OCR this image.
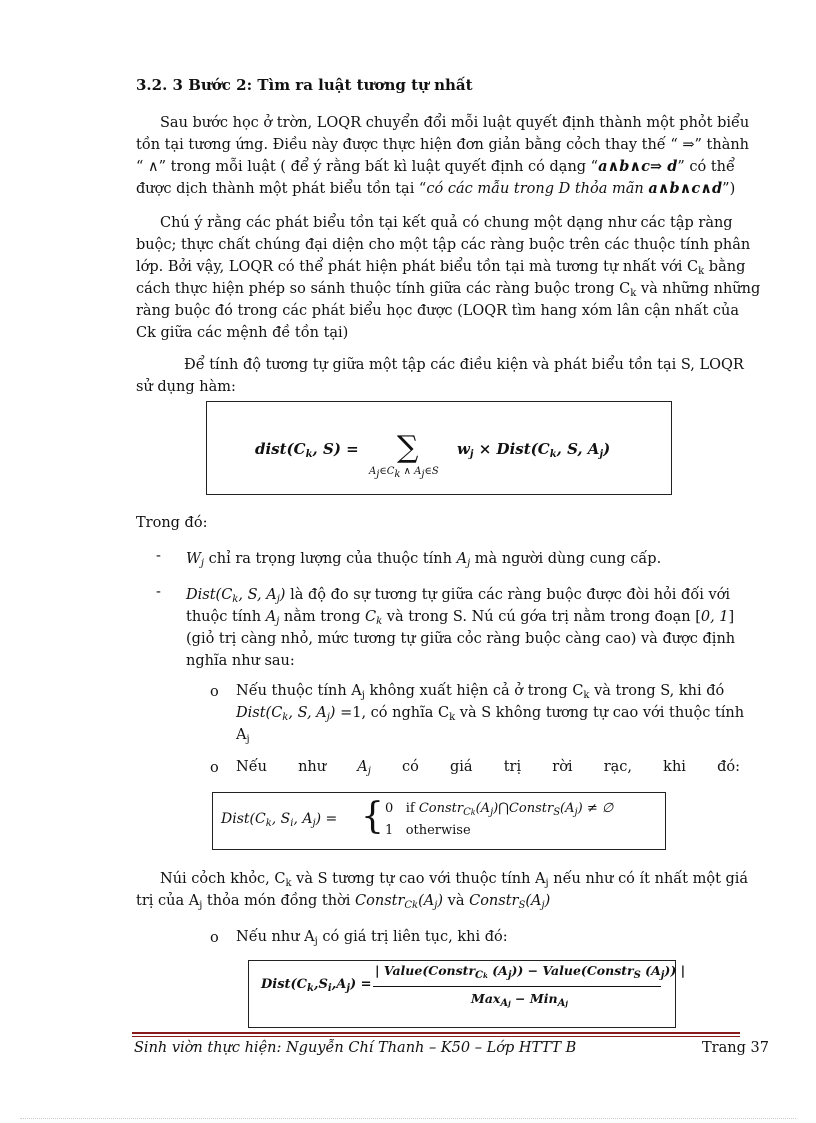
3.2. 3 Bước 2: Tìm ra luật tương tự nhất
Sau bước học ở trờn, LOQR chuyển đổi mỗi luật quyết định thành một phỏt biểu
tồn tại tương ứng. Điều này được thực hiện đơn giản bằng cỏch thay thế “ ⇒” thành
“ ∧” trong mỗi luật ( để ý rằng bất kì luật quyết định có dạng “a∧b∧c⇒ d” có thể
được dịch thành một phát biểu tồn tại “có các mẫu trong D thỏa mãn a∧b∧c∧d”)
Chú ý rằng các phát biểu tồn tại kết quả có chung một dạng như các tập ràng
buộc; thực chất chúng đại diện cho một tập các ràng buộc trên các thuộc tính phân
lớp. Bởi vậy, LOQR có thể phát hiện phát biểu tồn tại mà tương tự nhất với $C_k$ bằng
cách thực hiện phép so sánh thuộc tính giữa các ràng buộc trong $C_k$ và những những
ràng buộc đó trong các phát biểu học được (LOQR tìm hang xóm lân cận nhất của
Ck giữa các mệnh đề tồn tại)
Để tính độ tương tự giữa một tập các điều kiện và phát biểu tồn tại S, LOQR
sử dụng hàm:
$dist(C_k$, S) = ∑
$A_j\in C_k$ ∧ $A_j\in S$
$w_j$ × $Dist(C_k$, S, $A_j$)
Trong đó:
- $W_j$ chỉ ra trọng lượng của thuộc tính $A_j$ mà người dùng cung cấp.
- $Dist(C_k$, S, $A_j$) là độ đo sự tương tự giữa các ràng buộc được đòi hỏi đối với
thuộc tính $A_j$ nằm trong $C_k$ và trong S. Nú cú gớa trị nằm trong đoạn [0, 1]
(giỏ trị càng nhỏ, mức tương tự giữa cỏc ràng buộc càng cao) và được định
nghĩa như sau:
o Nếu thuộc tính $A_j$ không xuất hiện cả ở trong $C_k$ và trong S, khi đó
$Dist(C_k$, S, $A_j) =1$, có nghĩa $C_k$ và S không tương tự cao với thuộc tính
$A_j$
o Nếu như $A_j$ có giá trị rời rạc, khi đó:
$Dist(C_k$, $S_i$, $A_j$) = { 0 if $Constr_{Ck}(A_j)⋂Constr_S(A_j)$ ≠ ∅
1 otherwise
Núi cỏch khỏc, $C_k$ và S tương tự cao với thuộc tính $A_j$ nếu như có ít nhất một giá
trị của $A_j$ thỏa món đồng thời $Constr_{Ck}(A_j)$ và $Constr_S(A_j)$
o Nếu như $A_j$ có giá trị liên tục, khi đó:
$Dist(C_k,S_i,A_j)$ =
| Value(Constr$_{Ck}$ $(A_j)$) − Value(Constr$_S$ $(A_j)$) |
Max$_{Aj}$ − Min$_{Aj}$
Sinh viờn thực hiện: Nguyễn Chí Thanh – K50 – Lớp HTTT B	Trang 37
